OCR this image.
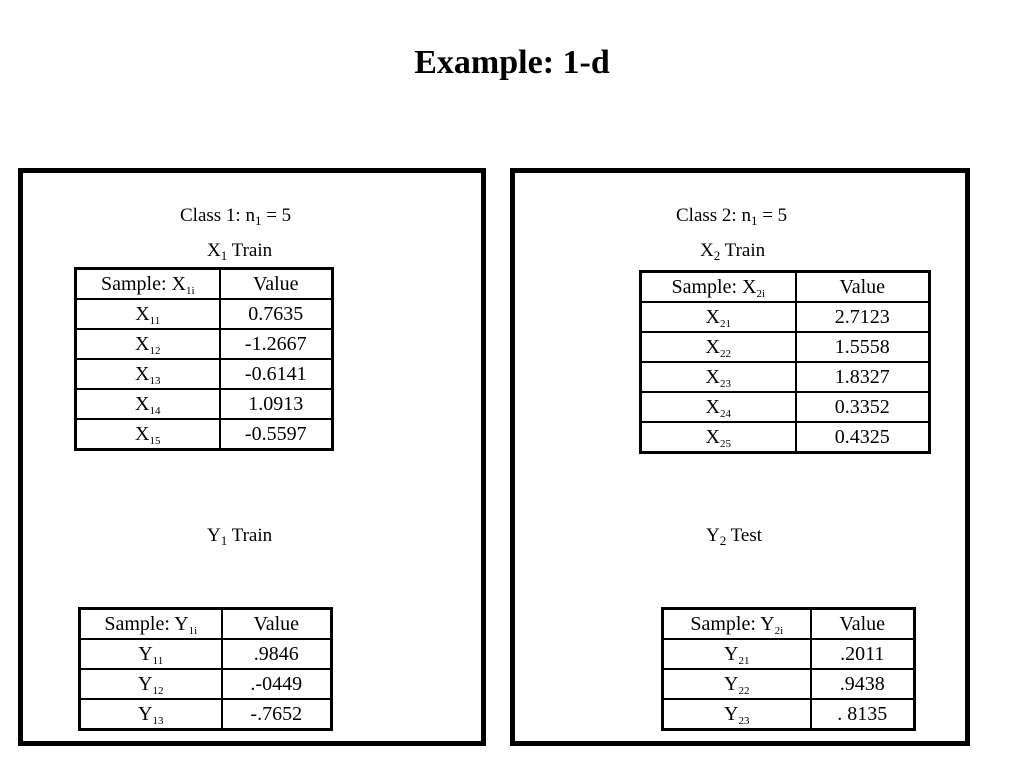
Example: 1-d
Class 1: $n_1 = 5$
$X_1$ Train
Sample: $X_{1i}$	Value
$X_{11}$	0.7635
$X_{12}$	-1.2667
$X_{13}$	-0.6141
$X_{14}$	1.0913
$X_{15}$	-0.5597
$Y_1$ Train
Sample: $Y_{1i}$	Value
$Y_{11}$	.9846
$Y_{12}$	.-0449
$Y_{13}$	-.7652
Class 2: $n_1 = 5$
$X_2$ Train
Sample: $X_{2i}$	Value
$X_{21}$	2.7123
$X_{22}$	1.5558
$X_{23}$	1.8327
$X_{24}$	0.3352
$X_{25}$	0.4325
$Y_2$ Test
Sample: $Y_{2i}$	Value
$Y_{21}$	.2011
$Y_{22}$	.9438
$Y_{23}$	. 8135
